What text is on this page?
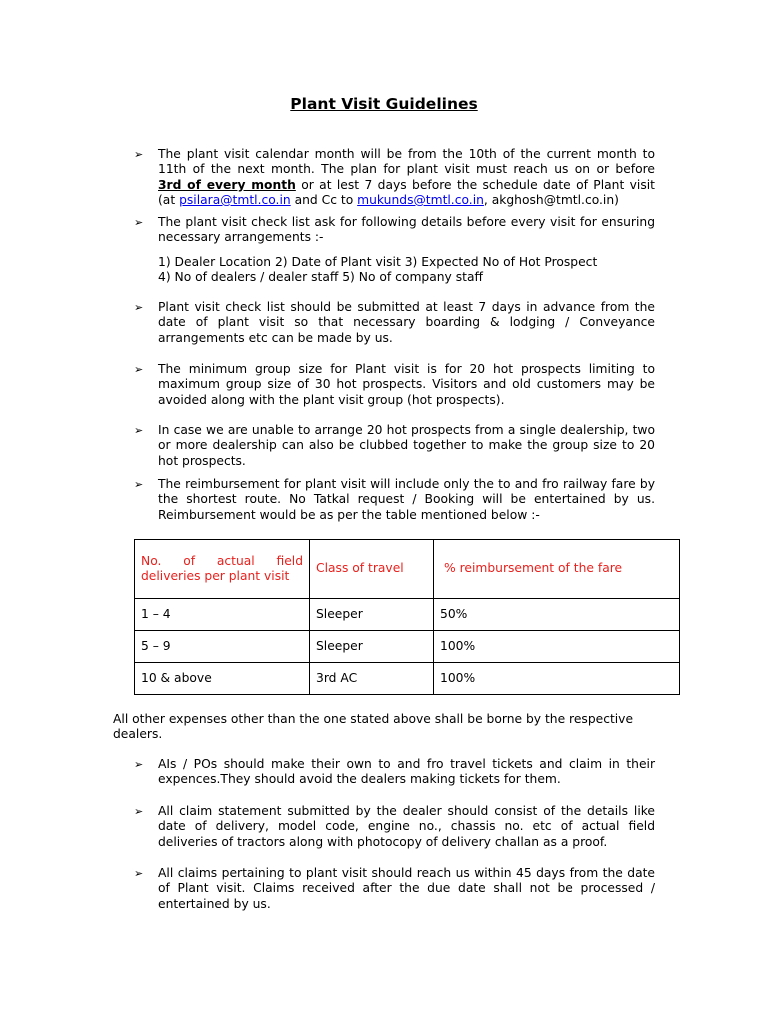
Plant Visit Guidelines
➢ The plant visit calendar month will be from the 10th of the current month to
11th of the next month. The plan for plant visit must reach us on or before
3rd of every month or at lest 7 days before the schedule date of Plant visit
(at psilara@tmtl.co.in and Cc to mukunds@tmtl.co.in, akghosh@tmtl.co.in)
➢ The plant visit check list ask for following details before every visit for ensuring necessary arrangements :-
1) Dealer Location 2) Date of Plant visit 3) Expected No of Hot Prospect
4) No of dealers / dealer staff 5) No of company staff
➢ Plant visit check list should be submitted at least 7 days in advance from the date of plant visit so that necessary boarding & lodging / Conveyance arrangements etc can be made by us.
➢ The minimum group size for Plant visit is for 20 hot prospects limiting to maximum group size of 30 hot prospects. Visitors and old customers may be avoided along with the plant visit group (hot prospects).
➢ In case we are unable to arrange 20 hot prospects from a single dealership, two or more dealership can also be clubbed together to make the group size to 20 hot prospects.
➢ The reimbursement for plant visit will include only the to and fro railway fare by the shortest route. No Tatkal request / Booking will be entertained by us. Reimbursement would be as per the table mentioned below :-
No. of actual field deliveries per plant visit	Class of travel	% reimbursement of the fare
1 – 4	Sleeper	50%
5 – 9	Sleeper	100%
10 & above	3rd AC	100%
All other expenses other than the one stated above shall be borne by the respective dealers.
➢ AIs / POs should make their own to and fro travel tickets and claim in their expences.They should avoid the dealers making tickets for them.
➢ All claim statement submitted by the dealer should consist of the details like date of delivery, model code, engine no., chassis no. etc of actual field deliveries of tractors along with photocopy of delivery challan as a proof.
➢ All claims pertaining to plant visit should reach us within 45 days from the date of Plant visit. Claims received after the due date shall not be processed / entertained by us.
